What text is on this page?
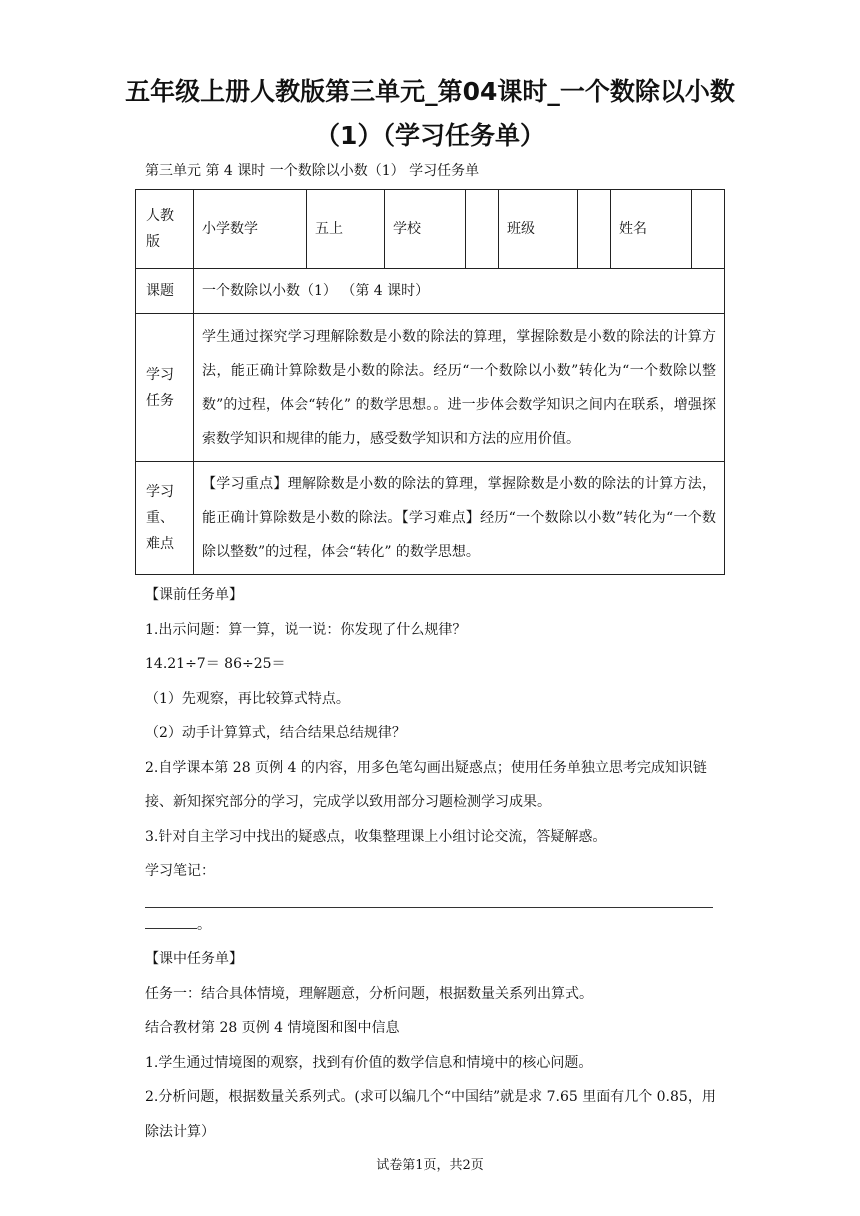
五年级上册人教版第三单元_第04课时_一个数除以小数（1）（学习任务单）
第三单元 第 4 课时 一个数除以小数（1） 学习任务单
人教版	小学数学	五上	学校		班级		姓名	
课题	一个数除以小数（1） （第 4 课时）							
学习任务	学生通过探究学习理解除数是小数的除法的算理，掌握除数是小数的除法的计算方法，能正确计算除数是小数的除法。经历“一个数除以小数”转化为“一个数除以整数”的过程，体会“转化” 的数学思想。。进一步体会数学知识之间内在联系，增强探索数学知识和规律的能力，感受数学知识和方法的应用价值。							
学习重、难点	【学习重点】理解除数是小数的除法的算理，掌握除数是小数的除法的计算方法，能正确计算除数是小数的除法。【学习难点】经历“一个数除以小数”转化为“一个数除以整数”的过程，体会“转化” 的数学思想。							

【课前任务单】

1.出示问题：算一算，说一说：你发现了什么规律？

14.21÷7＝ 86÷25＝

（1）先观察，再比较算式特点。

（2）动手计算算式，结合结果总结规律？

2.自学课本第 28 页例 4 的内容，用多色笔勾画出疑惑点；使用任务单独立思考完成知识链接、新知探究部分的学习，完成学以致用部分习题检测学习成果。

3.针对自主学习中找出的疑惑点，收集整理课上小组讨论交流，答疑解惑。

学习笔记：

。

【课中任务单】

任务一：结合具体情境，理解题意，分析问题，根据数量关系列出算式。

结合教材第 28 页例 4 情境图和图中信息

1.学生通过情境图的观察，找到有价值的数学信息和情境中的核心问题。

2.分析问题，根据数量关系列式。(求可以编几个“中国结”就是求 7.65 里面有几个 0.85，用除法计算）

试卷第1页，共2页
